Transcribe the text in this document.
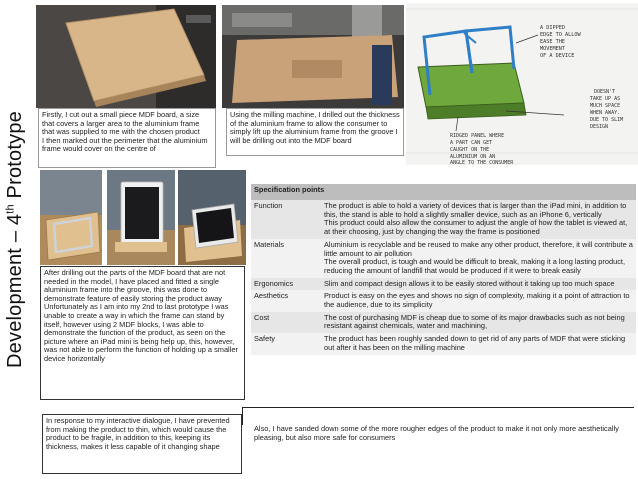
Development – 4th Prototype
A DIPPED
EDGE TO ALLOW
EASE THE
MOVEMENT
OF A DEVICE
DOESN'T
TAKE UP AS
MUCH SPACE
WHEN AWAY.
DUE TO SLIM
DESIGN
RIDGED PANEL WHERE
A PART CAN GET
CAUGHT ON THE
ALUMINIUM ON AN
ANGLE TO THE CONSUMER
Firstly, I cut out a small piece MDF board, a size that covers a larger area to the aluminium frame that was supplied to me with the chosen product
I then marked out the perimeter that the aluminium frame would cover on the centre of
Using the milling machine, I drilled out the thickness of the aluminium frame to allow the consumer to simply lift up the aluminium frame from the groove I will be drilling out into the MDF board
After drilling out the parts of the MDF board that are not needed in the model, I have placed and fitted a single aluminium frame into the groove, this was done to demonstrate feature of easily storing the product away
Unfortunately as I am into my 2nd to last prototype I was unable to create a way in which the frame can stand by itself, however using 2 MDF blocks, I was able to demonstrate the function of the product, as seen on the picture where an iPad mini is being help up, this, however, was not able to perform the function of holding up a smaller device horizontally
In response to my interactive dialogue, I have prevented from making the product to thin, which would cause the product to be fragile, in addition to this, keeping its thickness, makes it less capable of it changing shape
Specification points	
Function	The product is able to hold a variety of devices that is larger than the iPad mini, in addition to this, the stand is able to hold a slightly smaller device, such as an iPhone 6, vertically
This product could also allow the consumer to adjust the angle of how the tablet is viewed at, at their choosing, just by changing the way the frame is positioned
Materials	Aluminium is recyclable and be reused to make any other product, therefore, it will contribute a little amount to air pollution
The overall product, is tough and would be difficult to break, making it a long lasting product, reducing the amount of landfill that would be produced if it were to break easily
Ergonomics	Slim and compact design allows it to be easily stored without it taking up too much space
Aesthetics	Product is easy on the eyes and shows no sign of complexity, making it a point of attraction to the audience, due to its simplicity
Cost	The cost of purchasing MDF is cheap due to some of its major drawbacks such as not being resistant against chemicals, water and machining,
Safety	The product has been roughly sanded down to get rid of any parts of MDF that were sticking out after it has been on the milling machine
Also, I have sanded down some of the more rougher edges of the product to make it not only more aesthetically pleasing, but also more safe for consumers
